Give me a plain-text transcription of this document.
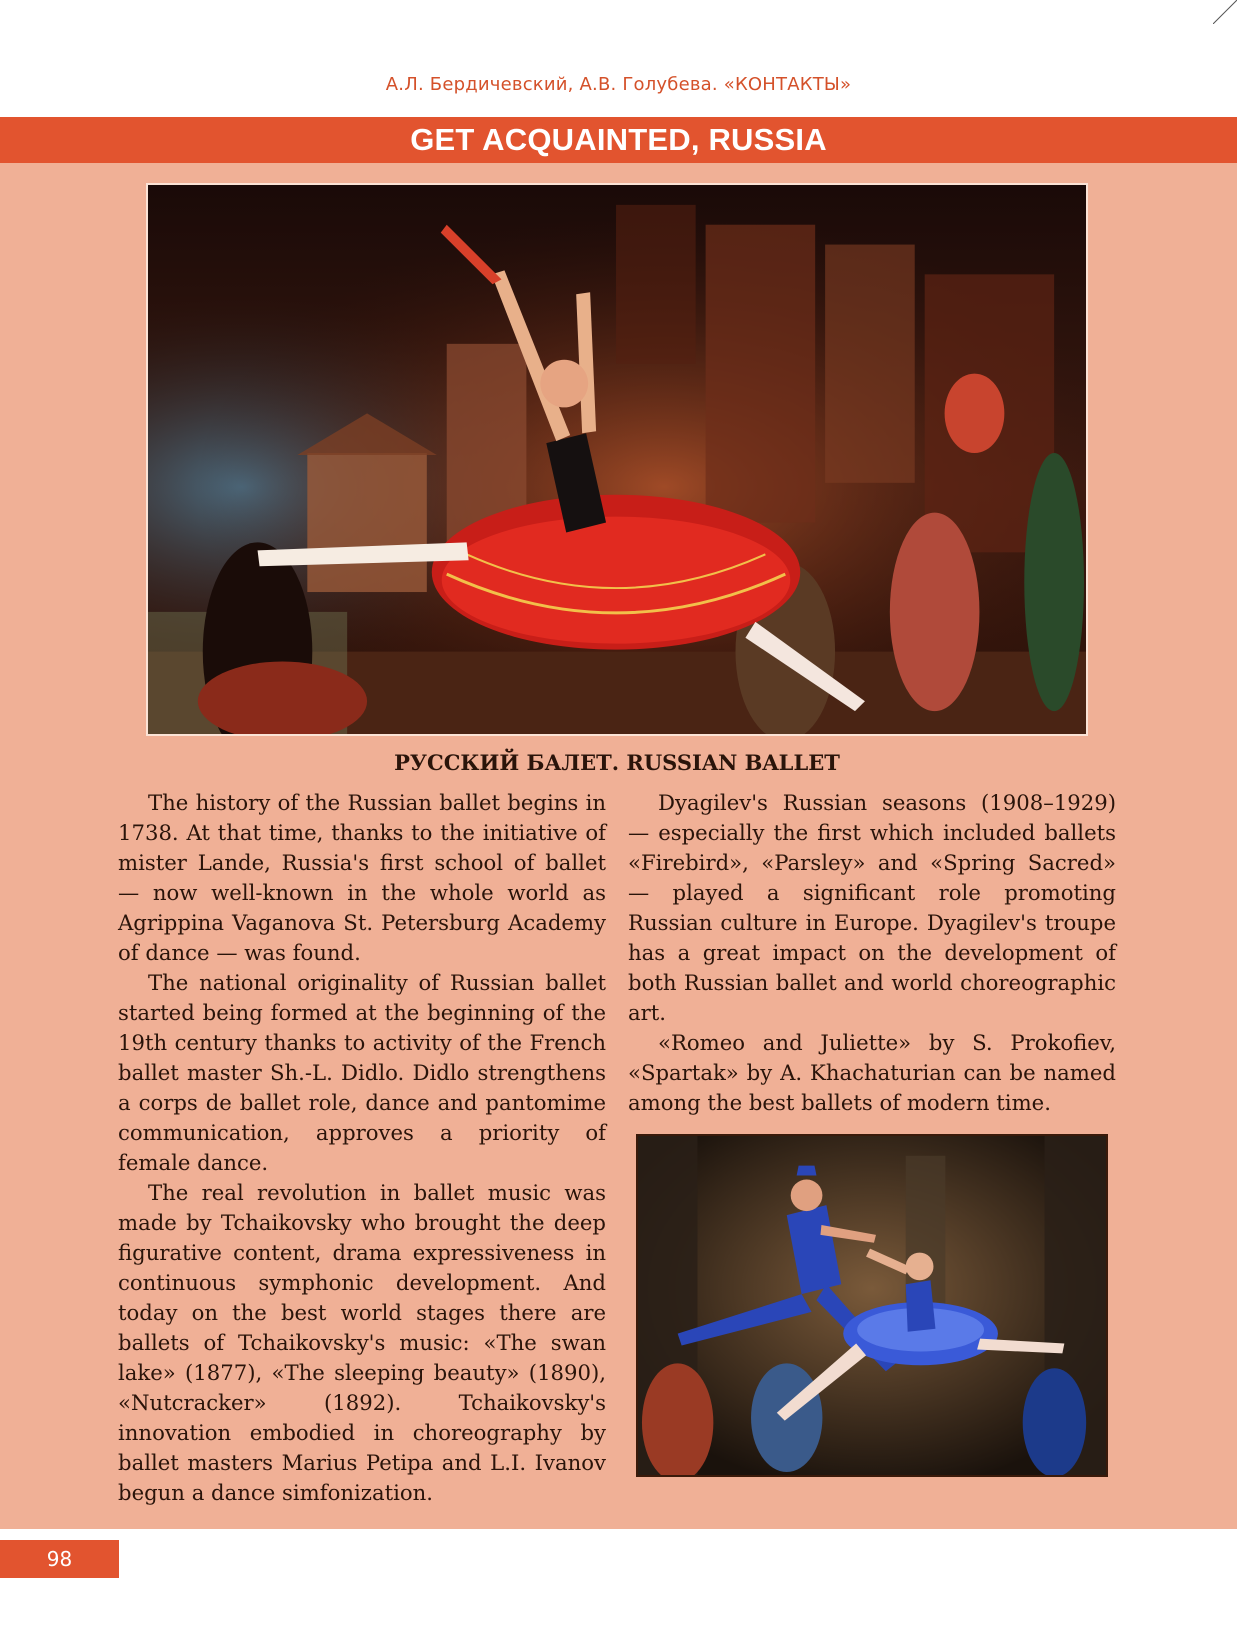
А.Л. Бердичевский, А.В. Голубева. «КОНТАКТЫ»
GET ACQUAINTED, RUSSIA
РУССКИЙ БАЛЕТ. RUSSIAN BALLET

The history of the Russian ballet begins in 1738. At that time, thanks to the initiative of mister Lande, Russia's first school of ballet — now well-known in the whole world as Agrippina Vaganova St. Petersburg Academy of dance — was found.

The national originality of Russian ballet started being formed at the beginning of the 19th century thanks to activity of the French ballet master Sh.-L. Didlo. Didlo strengthens a corps de ballet role, dance and pantomime communication, approves a priority of female dance.

The real revolution in ballet music was made by Tchaikovsky who brought the deep figurative content, drama expressiveness in continuous symphonic development. And today on the best world stages there are ballets of Tchaikovsky's music: «The swan lake» (1877), «The sleeping beauty» (1890), «Nutcracker» (1892). Tchaikovsky's innovation embodied in choreography by ballet masters Marius Petipa and L.I. Ivanov begun a dance simfonization.

Dyagilev's Russian seasons (1908–1929) — especially the first which included ballets «Firebird», «Parsley» and «Spring Sacred» — played a significant role promoting Russian culture in Europe. Dyagilev's troupe has a great impact on the development of both Russian ballet and world choreographic art.

«Romeo and Juliette» by S. Prokofiev, «Spartak» by A. Khachaturian can be named among the best ballets of modern time.

98
